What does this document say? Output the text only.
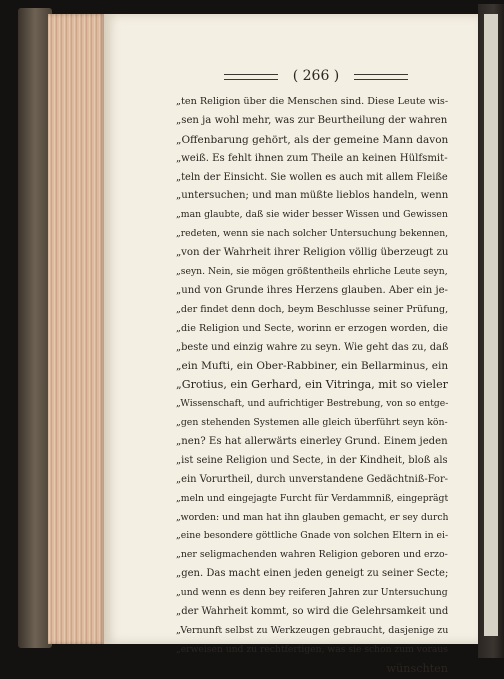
( 266 )
„ten Religion über die Menschen sind. Diese Leute wis-
„sen ja wohl mehr, was zur Beurtheilung der wahren
„Offenbarung gehört, als der gemeine Mann davon
„weiß. Es fehlt ihnen zum Theile an keinen Hülfsmit-
„teln der Einsicht. Sie wollen es auch mit allem Fleiße
„untersuchen; und man müßte lieblos handeln, wenn
„man glaubte, daß sie wider besser Wissen und Gewissen
„redeten, wenn sie nach solcher Untersuchung bekennen,
„von der Wahrheit ihrer Religion völlig überzeugt zu
„seyn. Nein, sie mögen größtentheils ehrliche Leute seyn,
„und von Grunde ihres Herzens glauben. Aber ein je-
„der findet denn doch, beym Beschlusse seiner Prüfung,
„die Religion und Secte, worinn er erzogen worden, die
„beste und einzig wahre zu seyn. Wie geht das zu, daß
„ein Mufti, ein Ober-Rabbiner, ein Bellarminus, ein
„Grotius, ein Gerhard, ein Vitringa, mit so vieler
„Wissenschaft, und aufrichtiger Bestrebung, von so entge-
„gen stehenden Systemen alle gleich überführt seyn kön-
„nen? Es hat allerwärts einerley Grund. Einem jeden
„ist seine Religion und Secte, in der Kindheit, bloß als
„ein Vorurtheil, durch unverstandene Gedächtniß-For-
„meln und eingejagte Furcht für Verdammniß, eingeprägt
„worden: und man hat ihn glauben gemacht, er sey durch
„eine besondere göttliche Gnade von solchen Eltern in ei-
„ner seligmachenden wahren Religion geboren und erzo-
„gen. Das macht einen jeden geneigt zu seiner Secte;
„und wenn es denn bey reiferen Jahren zur Untersuchung
„der Wahrheit kommt, so wird die Gelehrsamkeit und
„Vernunft selbst zu Werkzeugen gebraucht, dasjenige zu
„erweisen und zu rechtfertigen, was sie schon zum voraus
wünschten
